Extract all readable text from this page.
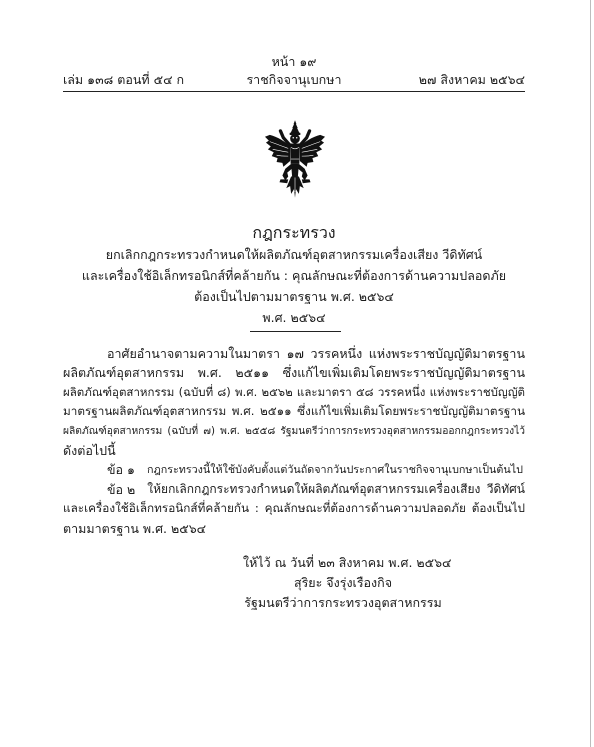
หน้า ๑๙
เล่ม ๑๓๘ ตอนที่ ๕๔ ก	ราชกิจจานุเบกษา	๒๗ สิงหาคม ๒๕๖๔
กฎกระทรวง
ยกเลิกกฎกระทรวงกำหนดให้ผลิตภัณฑ์อุตสาหกรรมเครื่องเสียง วีดิทัศน์
และเครื่องใช้อิเล็กทรอนิกส์ที่คล้ายกัน : คุณลักษณะที่ต้องการด้านความปลอดภัย
ต้องเป็นไปตามมาตรฐาน พ.ศ. ๒๕๖๔
พ.ศ. ๒๕๖๔
อาศัยอำนาจตามความในมาตรา ๑๗ วรรคหนึ่ง แห่งพระราชบัญญัติมาตรฐาน
ผลิตภัณฑ์อุตสาหกรรม พ.ศ. ๒๕๑๑ ซึ่งแก้ไขเพิ่มเติมโดยพระราชบัญญัติมาตรฐาน
ผลิตภัณฑ์อุตสาหกรรม (ฉบับที่ ๘) พ.ศ. ๒๕๖๒ และมาตรา ๕๘ วรรคหนึ่ง แห่งพระราชบัญญัติ
มาตรฐานผลิตภัณฑ์อุตสาหกรรม พ.ศ. ๒๕๑๑ ซึ่งแก้ไขเพิ่มเติมโดยพระราชบัญญัติมาตรฐาน
ผลิตภัณฑ์อุตสาหกรรม (ฉบับที่ ๗) พ.ศ. ๒๕๕๘ รัฐมนตรีว่าการกระทรวงอุตสาหกรรมออกกฎกระทรวงไว้
ดังต่อไปนี้
ข้อ ๑ กฎกระทรวงนี้ให้ใช้บังคับตั้งแต่วันถัดจากวันประกาศในราชกิจจานุเบกษาเป็นต้นไป
ข้อ ๒ ให้ยกเลิกกฎกระทรวงกำหนดให้ผลิตภัณฑ์อุตสาหกรรมเครื่องเสียง วีดิทัศน์
และเครื่องใช้อิเล็กทรอนิกส์ที่คล้ายกัน : คุณลักษณะที่ต้องการด้านความปลอดภัย ต้องเป็นไป
ตามมาตรฐาน พ.ศ. ๒๕๖๔
ให้ไว้ ณ วันที่ ๒๓ สิงหาคม พ.ศ. ๒๕๖๔
สุริยะ จึงรุ่งเรืองกิจ
รัฐมนตรีว่าการกระทรวงอุตสาหกรรม
